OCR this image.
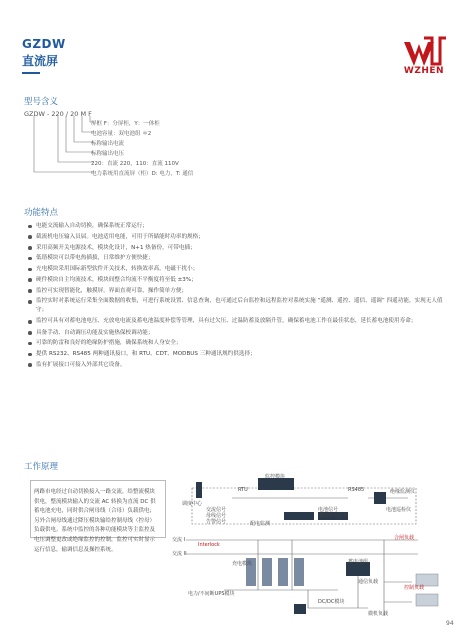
GZDW
直流屏
WZHEN
型号含义
GZDW - 220 / 20 M F
屏框 F：分屏柜，Y：一体柜
电池容量：双电池组 ＊2
标称输出电流
标称输出电压
220：直流 220，110：直流 110V
电力系统用直流屏（柜）D: 电力，T: 通信
功能特点
电能交流输入自动切换，确保系统正常运行；
截流机电压输入员届。电池适用电能，可用于所储能时功率的规格；
采用高频开关电源技术，模块化设计，N+1 热备份，可带电插；
低谐模块可以带电热插拔，日常维护方便快捷；
充电模块采用国际新型软件开关技术，转换效率高，电磁干扰小；
硬件模块自主均流技术，模块间整合均流不平衡度将至低 ±3%；
监控可实现智能化，触摸屏，界面直观可靠，操作简单方便；
监控实时对系统运行采集全面数据的收集，可进行系统设置、信息查询，也可通过后台监控和远程监控对系统实施 “遥测、遥控、遥信、遥调” 四遥功能，实现无人值守；
监控可具有对蓄电池电压、充放电电流及蓄电池温度补偿等管理，具有过欠压、过温防蓄及放隔升管，确保蓄电池工作在最佳状态，延长蓄电池使用寿命；
具备手动、自动调压功能及实施热保校调功能；
可靠的防雷和良好的绝缘防护措施，确保系统和人身安全；
提供 RS232、RS485 两种通讯接口，和 RTU、CDT、MODBUS 三种通讯规约供选择；
监有扩展接口可接入外部其它设备。
工作原理
两路市电经过自动切换接入一路交流，给整流模块供电，整流模块输入的交流 AC 转换为直流 DC 供蓄电池充电，同时供合闸母线（合母）负载供电；另外合闸母线通过降压模块输给控制母线（控母）负载供电。系统中监控的各种功能模块等主监控及电压调整更改或绝缘监控的控制，监控可实时显示运行信息，输调信息及操控系统。
监控模块
RTU	RS485	绝缘监测仪
调度中心
交流信号
母线信号
告警信号
电池信号
馈出开关信号
配电监测
电池巡检仪
交流 I
交流 II
Interlock
充电模块
合闸负载
蓄电池组
通信负载
控制负载
DC/DC模块
电力/不间断UPS模块
微机负载
94
